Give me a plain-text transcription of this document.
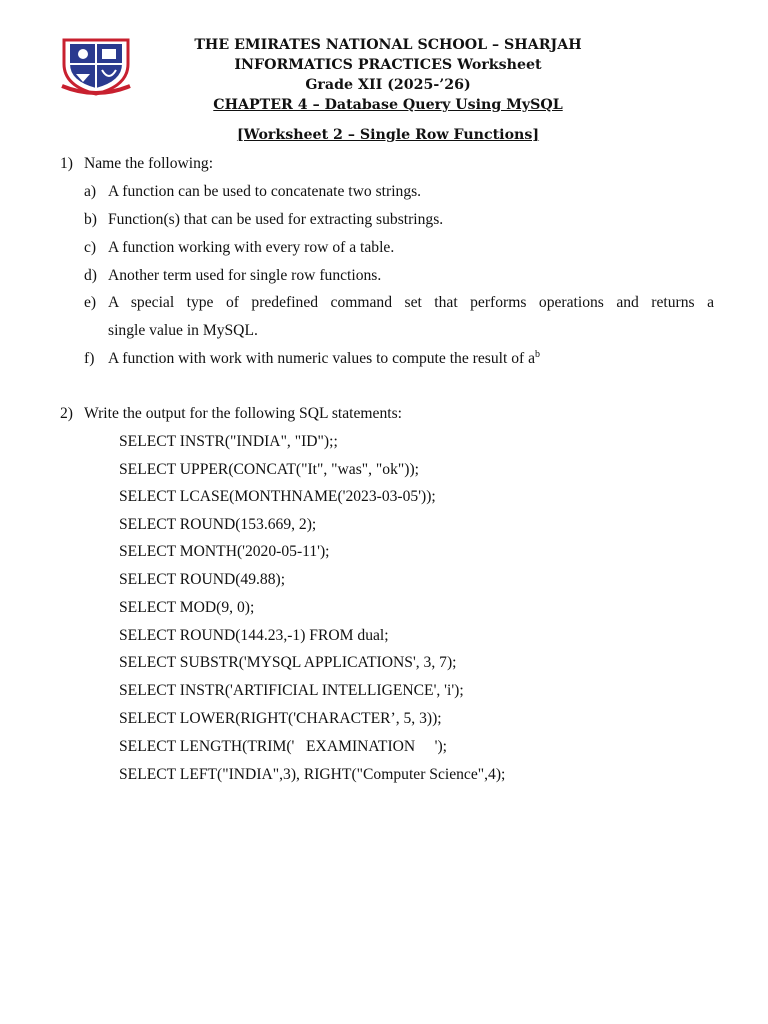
THE EMIRATES NATIONAL SCHOOL – SHARJAH
INFORMATICS PRACTICES Worksheet
Grade XII (2025-’26)
CHAPTER 4 – Database Query Using MySQL
[Worksheet 2 – Single Row Functions]
1) Name the following:
a) A function can be used to concatenate two strings.
b) Function(s) that can be used for extracting substrings.
c) A function working with every row of a table.
d) Another term used for single row functions.
e) A special type of predefined command set that performs operations and returns a
single value in MySQL.
f) A function with work with numeric values to compute the result of $a^b$
2) Write the output for the following SQL statements:
SELECT INSTR("INDIA", "ID");;
SELECT UPPER(CONCAT("It", "was", "ok"));
SELECT LCASE(MONTHNAME('2023-03-05'));
SELECT ROUND(153.669, 2);
SELECT MONTH('2020-05-11');
SELECT ROUND(49.88);
SELECT MOD(9, 0);
SELECT ROUND(144.23,-1) FROM dual;
SELECT SUBSTR('MYSQL APPLICATIONS', 3, 7);
SELECT INSTR('ARTIFICIAL INTELLIGENCE', 'i');
SELECT LOWER(RIGHT('CHARACTER’, 5, 3));
SELECT LENGTH(TRIM('   EXAMINATION     ');
SELECT LEFT("INDIA",3), RIGHT("Computer Science",4);
